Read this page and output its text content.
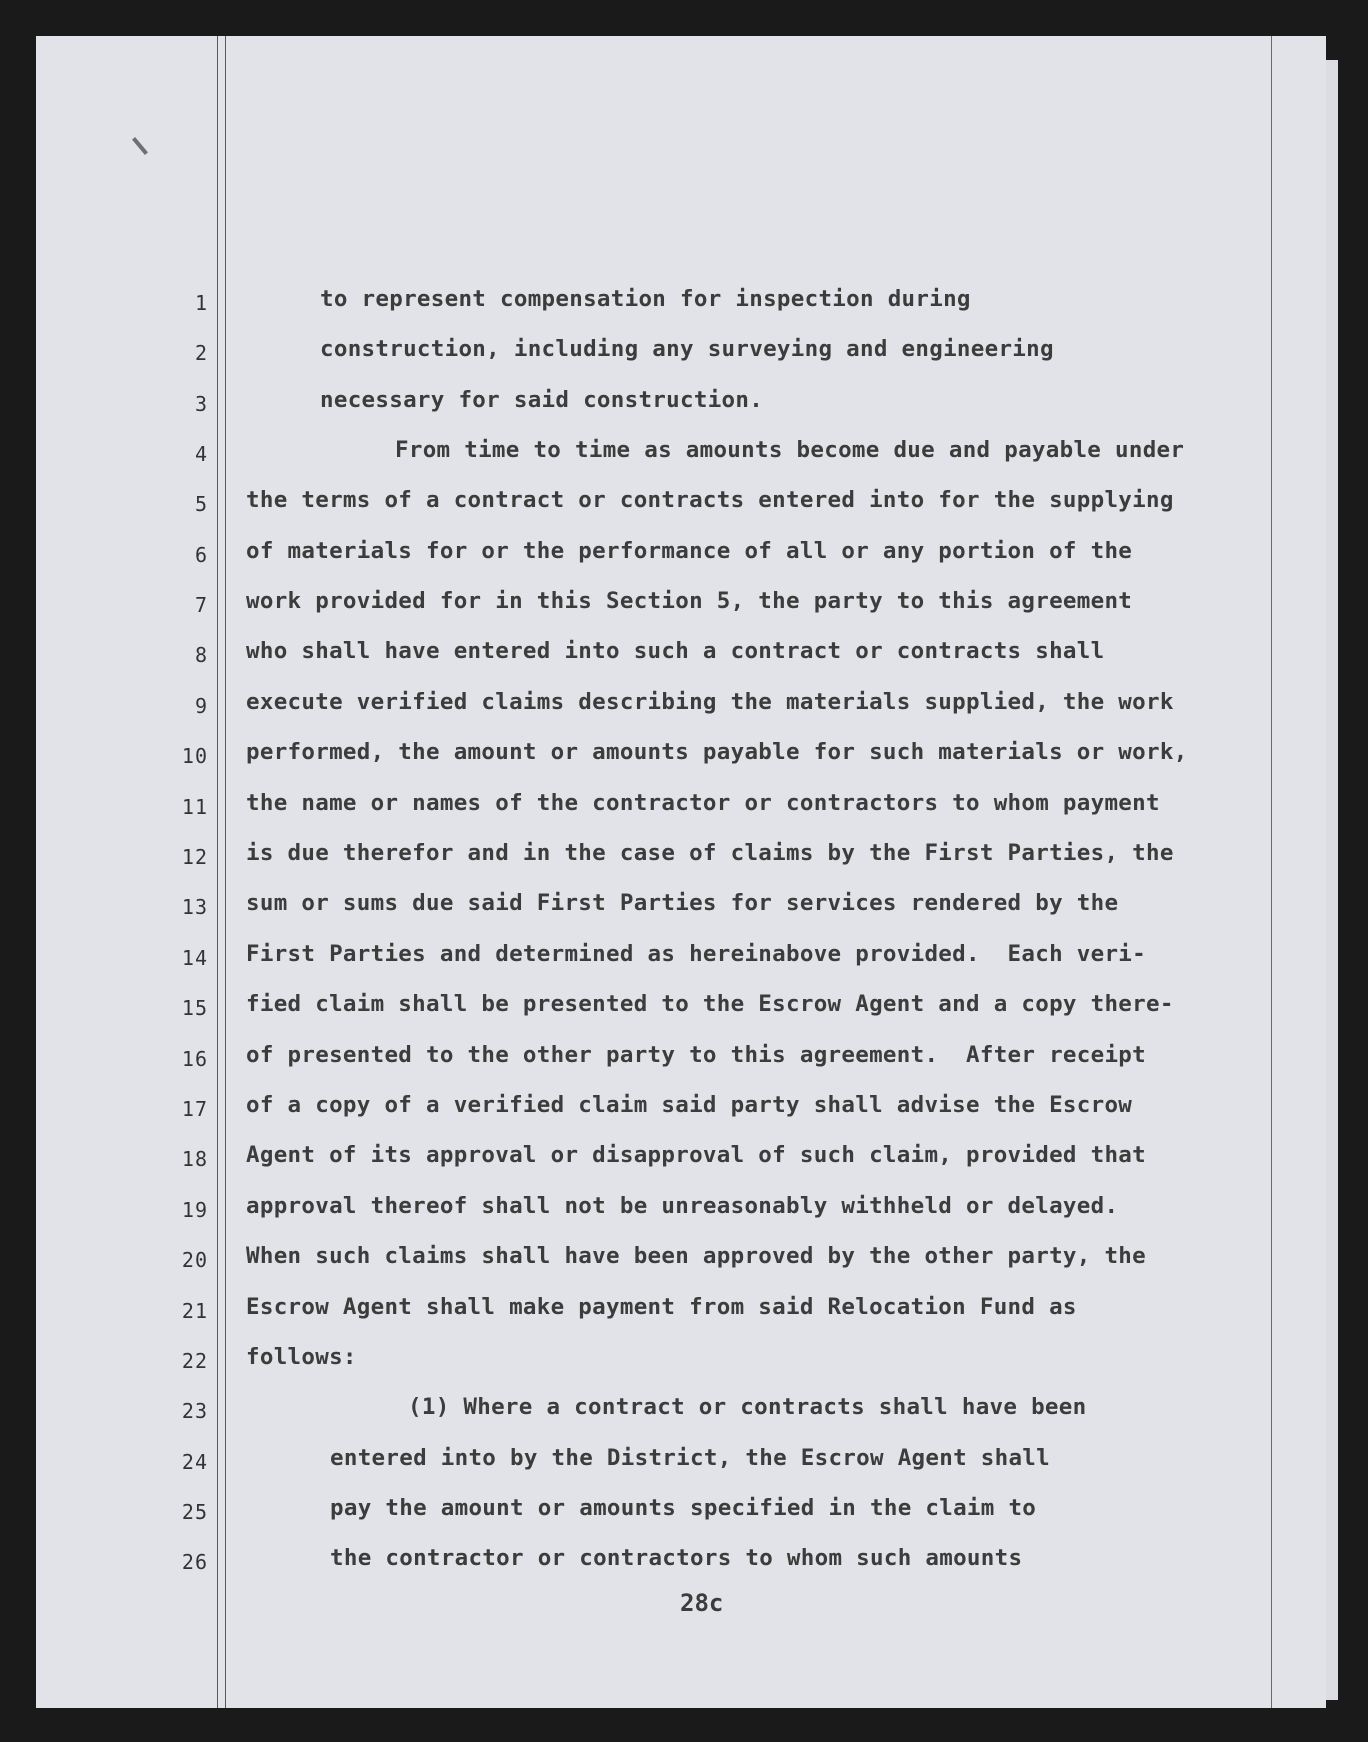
1
2
3
4
5
6
7
8
9
10
11
12
13
14
15
16
17
18
19
20
21
22
23
24
25
26
to represent compensation for inspection during
construction, including any surveying and engineering
necessary for said construction.
From time to time as amounts become due and payable under
the terms of a contract or contracts entered into for the supplying
of materials for or the performance of all or any portion of the
work provided for in this Section 5, the party to this agreement
who shall have entered into such a contract or contracts shall
execute verified claims describing the materials supplied, the work
performed, the amount or amounts payable for such materials or work,
the name or names of the contractor or contractors to whom payment
is due therefor and in the case of claims by the First Parties, the
sum or sums due said First Parties for services rendered by the
First Parties and determined as hereinabove provided.  Each veri-
fied claim shall be presented to the Escrow Agent and a copy there-
of presented to the other party to this agreement.  After receipt
of a copy of a verified claim said party shall advise the Escrow
Agent of its approval or disapproval of such claim, provided that
approval thereof shall not be unreasonably withheld or delayed.
When such claims shall have been approved by the other party, the
Escrow Agent shall make payment from said Relocation Fund as
follows:
(1) Where a contract or contracts shall have been
entered into by the District, the Escrow Agent shall
pay the amount or amounts specified in the claim to
the contractor or contractors to whom such amounts
28c
